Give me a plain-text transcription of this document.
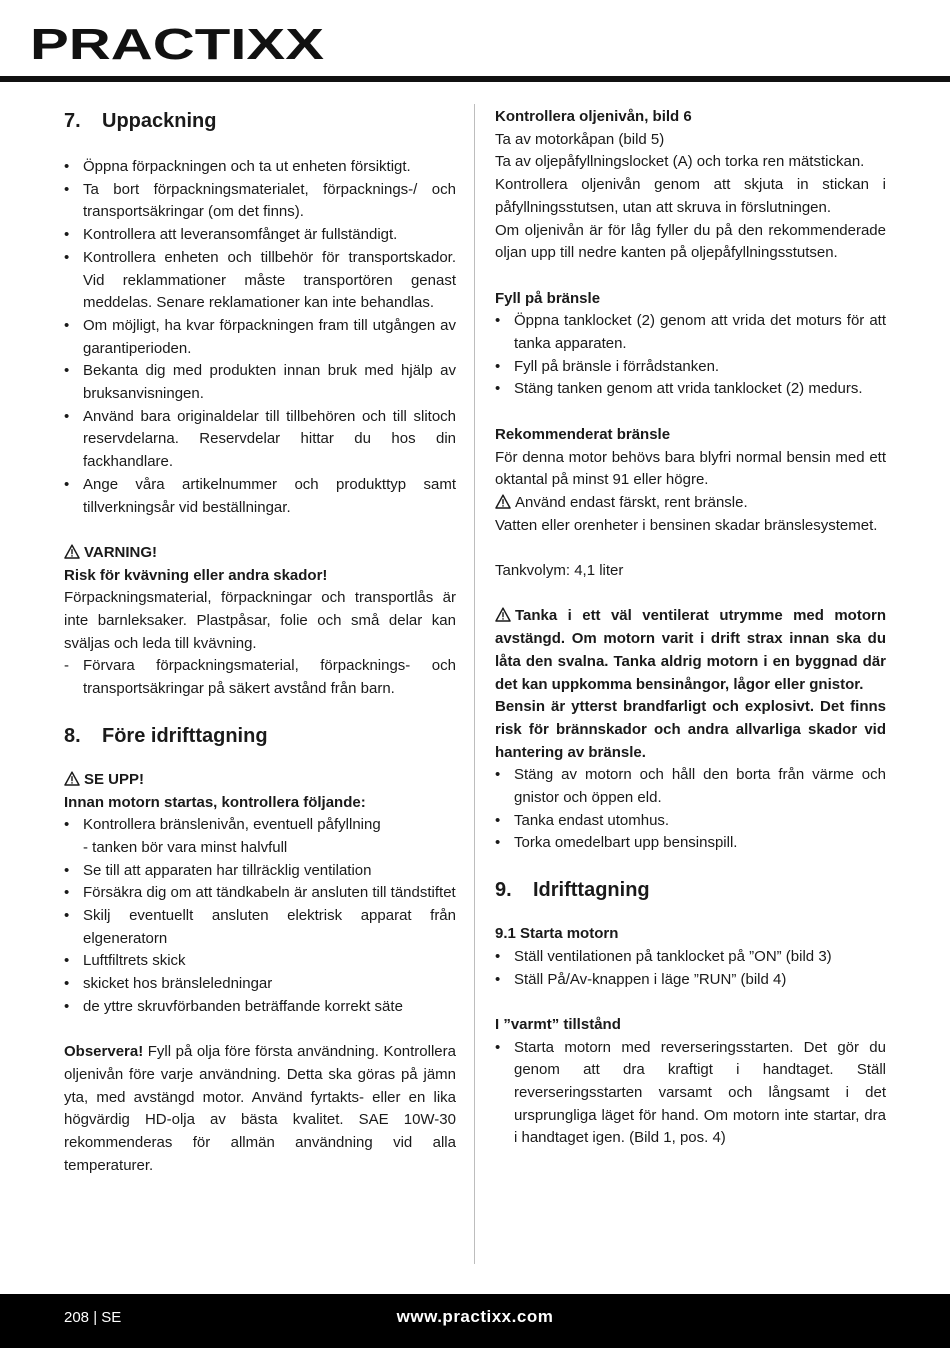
PRACTIXX
7. Uppackning
• Öppna förpackningen och ta ut enheten försiktigt.
• Ta bort förpackningsmaterialet, förpacknings-/ och transportsäkringar (om det finns).
• Kontrollera att leveransomfånget är fullständigt.
• Kontrollera enheten och tillbehör för transportskador. Vid reklammationer måste transportören genast meddelas. Senare reklamationer kan inte behandlas.
• Om möjligt, ha kvar förpackningen fram till utgången av garantiperioden.
• Bekanta dig med produkten innan bruk med hjälp av bruksanvisningen.
• Använd bara originaldelar till tillbehören och till slitoch reservdelarna. Reservdelar hittar du hos din fackhandlare.
• Ange våra artikelnummer och produkttyp samt tillverkningsår vid beställningar.

VARNING!

Risk för kvävning eller andra skador!

Förpackningsmaterial, förpackningar och transportlås är inte barnleksaker. Plastpåsar, folie och små delar kan sväljas och leda till kvävning.

- Förvara förpackningsmaterial, förpacknings- och transportsäkringar på säkert avstånd från barn.
8. Före idrifttagning

SE UPP!

Innan motorn startas, kontrollera följande:

• Kontrollera bränslenivån, eventuell påfyllning
- tanken bör vara minst halvfull
• Se till att apparaten har tillräcklig ventilation
• Försäkra dig om att tändkabeln är ansluten till tändstiftet
• Skilj eventuellt ansluten elektrisk apparat från elgeneratorn
• Luftfiltrets skick
• skicket hos bränsleledningar
• de yttre skruvförbanden beträffande korrekt säte

Observera! Fyll på olja före första användning. Kontrollera oljenivån före varje användning. Detta ska göras på jämn yta, med avstängd motor. Använd fyrtakts- eller en lika högvärdig HD-olja av bästa kvalitet. SAE 10W-30 rekommenderas för allmän användning vid alla temperaturer.

Kontrollera oljenivån, bild 6

Ta av motorkåpan (bild 5)

Ta av oljepåfyllningslocket (A) och torka ren mätstickan.

Kontrollera oljenivån genom att skjuta in stickan i påfyllningsstutsen, utan att skruva in förslutningen.

Om oljenivån är för låg fyller du på den rekommenderade oljan upp till nedre kanten på oljepåfyllningsstutsen.

Fyll på bränsle

• Öppna tanklocket (2) genom att vrida det moturs för att tanka apparaten.
• Fyll på bränsle i förrådstanken.
• Stäng tanken genom att vrida tanklocket (2) medurs.

Rekommenderat bränsle

För denna motor behövs bara blyfri normal bensin med ett oktantal på minst 91 eller högre.

Använd endast färskt, rent bränsle.

Vatten eller orenheter i bensinen skadar bränslesystemet.

Tankvolym: 4,1 liter

Tanka i ett väl ventilerat utrymme med motorn avstängd. Om motorn varit i drift strax innan ska du låta den svalna. Tanka aldrig motorn i en byggnad där det kan uppkomma bensinångor, lågor eller gnistor.

Bensin är ytterst brandfarligt och explosivt. Det finns risk för brännskador och andra allvarliga skador vid hantering av bränsle.

• Stäng av motorn och håll den borta från värme och gnistor och öppen eld.
• Tanka endast utomhus.
• Torka omedelbart upp bensinspill.
9. Idrifttagning

9.1 Starta motorn

• Ställ ventilationen på tanklocket på ”ON” (bild 3)
• Ställ På/Av-knappen i läge ”RUN” (bild 4)

I ”varmt” tillstånd

• Starta motorn med reverseringsstarten. Det gör du genom att dra kraftigt i handtaget. Ställ reverseringsstarten varsamt och långsamt i det ursprungliga läget för hand. Om motorn inte startar, dra i handtaget igen. (Bild 1, pos. 4)
208 | SE	www.practixx.com
